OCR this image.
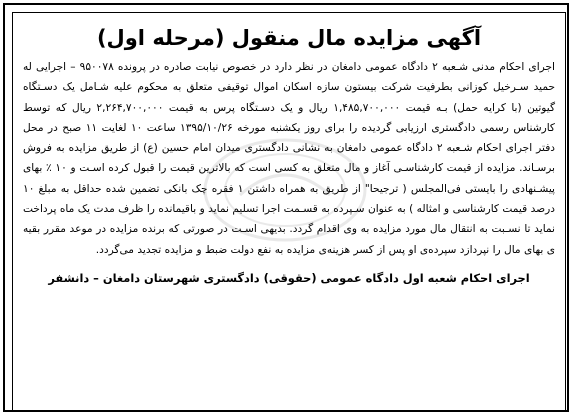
آگهی مزایده مال منقول (مرحله اول)

اجرای احکام مدنی شـعبه ۲ دادگاه عمومی دامغان در نظر دارد در خصوص نیابت صادره در پرونده ۹۵۰۰۷۸ – اجرایی له حمید سـرخیل کوزانی بطرفیت شرکت بیستون سازه اسکان اموال توقیفی متعلق به محکوم علیه شـامل یک دسـتگاه گیوتین (با کرایه حمل) بـه قیمت ۱,۴۸۵,۷۰۰,۰۰۰ ریال و یک دسـتگاه پرس به قیمت ۲,۲۶۴,۷۰۰,۰۰۰ ریال که توسط کارشناس رسمی دادگستری ارزیابی گردیده را برای روز یکشنبه مورخه ۱۳۹۵/۱۰/۲۶ ساعت ۱۰ لغایت ۱۱ صبح در محل دفتر اجرای احکام شـعبه ۲ دادگاه عمومی دامغان به نشانی دادگستری میدان امام حسین (ع) از طریق مزایده به فروش برسـاند. مزایده از قیمت کارشناسـی آغاز و مال متعلق به کسی است که بالاترین قیمت را قبول کرده اسـت و ۱۰ ٪ بهای پیشـنهادی را بایستی فی‌المجلس ( ترجیحا" از طریق به همراه داشتن ۱ فقره چک بانکی تضمین شده حداقل به مبلغ ۱۰ درصد قیمت کارشناسی و امثاله ) به عنوان سـپرده به قسـمت اجرا تسلیم نماید و باقیمانده را ظرف مدت یک ماه پرداخت نماید تا نسـبت به انتقال مال مورد مزایده به وی اقدام گردد. بدیهی اسـت در صورتی که برنده مزایده در موعد مقرر بقیه ی بهای مال را نپردازد سپرده‌ی او پس از کسر هزینه‌ی مزایده به نفع دولت ضبط و مزایده تجدید می‌گردد.

اجرای احکام شعبه اول دادگاه عمومی (حقوقی) دادگستری شهرستان دامغان – دانشفر
